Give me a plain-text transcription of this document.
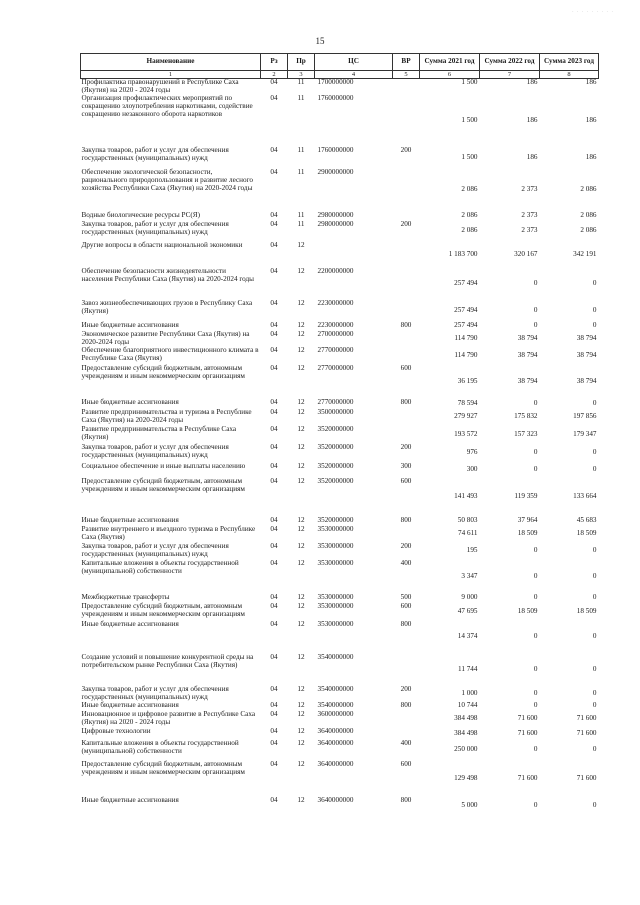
· · · · · · · · ·
15
Наименование	Рз	Пр	ЦС	ВР	Сумма 2021 год	Сумма 2022 год	Сумма 2023 год
1	2	3	4	5	6	7	8
Профилактика правонарушений в Республике Саха (Якутия) на 2020 - 2024 годы	04	11	1700000000		1 500	186	186
Организация профилактических мероприятий по сокращению злоупотребления наркотиками, содействие сокращению незаконного оборота наркотиков	04	11	1760000000		1 500	186	186
Закупка товаров, работ и услуг для обеспечения государственных (муниципальных) нужд	04	11	1760000000	200	1 500	186	186
Обеспечение экологической безопасности, рационального природопользования и развитие лесного хозяйства Республики Саха (Якутия) на 2020-2024 годы	04	11	2900000000		2 086	2 373	2 086
Водные биологические ресурсы РС(Я)	04	11	2980000000		2 086	2 373	2 086
Закупка товаров, работ и услуг для обеспечения государственных (муниципальных) нужд	04	11	2980000000	200	2 086	2 373	2 086
Другие вопросы в области национальной экономики	04	12			1 183 700	320 167	342 191
Обеспечение безопасности жизнедеятельности населения Республики Саха (Якутия) на 2020-2024 годы	04	12	2200000000		257 494	0	0
Завоз жизнеобеспечивающих грузов в Республику Саха (Якутия)	04	12	2230000000		257 494	0	0
Иные бюджетные ассигнования	04	12	2230000000	800	257 494	0	0
Экономическое развитие Республики Саха (Якутия) на 2020-2024 годы	04	12	2700000000		114 790	38 794	38 794
Обеспечение благоприятного инвестиционного климата в Республике Саха (Якутия)	04	12	2770000000		114 790	38 794	38 794
Предоставление субсидий бюджетным, автономным учреждениям и иным некоммерческим организациям	04	12	2770000000	600	36 195	38 794	38 794
Иные бюджетные ассигнования	04	12	2770000000	800	78 594	0	0
Развитие предпринимательства и туризма в Республике Саха (Якутия) на 2020-2024 годы	04	12	3500000000		279 927	175 832	197 856
Развитие предпринимательства в Республике Саха (Якутия)	04	12	3520000000		193 572	157 323	179 347
Закупка товаров, работ и услуг для обеспечения государственных (муниципальных) нужд	04	12	3520000000	200	976	0	0
Социальное обеспечение и иные выплаты населению	04	12	3520000000	300	300	0	0
Предоставление субсидий бюджетным, автономным учреждениям и иным некоммерческим организациям	04	12	3520000000	600	141 493	119 359	133 664
Иные бюджетные ассигнования	04	12	3520000000	800	50 803	37 964	45 683
Развитие внутреннего и въездного туризма в Республике Саха (Якутия)	04	12	3530000000		74 611	18 509	18 509
Закупка товаров, работ и услуг для обеспечения государственных (муниципальных) нужд	04	12	3530000000	200	195	0	0
Капитальные вложения в объекты государственной (муниципальной) собственности	04	12	3530000000	400	3 347	0	0
Межбюджетные трансферты	04	12	3530000000	500	9 000	0	0
Предоставление субсидий бюджетным, автономным учреждениям и иным некоммерческим организациям	04	12	3530000000	600	47 695	18 509	18 509
Иные бюджетные ассигнования	04	12	3530000000	800	14 374	0	0
Создание условий и повышение конкурентной среды на потребительском рынке Республики Саха (Якутия)	04	12	3540000000		11 744	0	0
Закупка товаров, работ и услуг для обеспечения государственных (муниципальных) нужд	04	12	3540000000	200	1 000	0	0
Иные бюджетные ассигнования	04	12	3540000000	800	10 744	0	0
Инновационное и цифровое развитие в Республике Саха (Якутия) на 2020 - 2024 годы	04	12	3600000000		384 498	71 600	71 600
Цифровые технологии	04	12	3640000000		384 498	71 600	71 600
Капитальные вложения в объекты государственной (муниципальной) собственности	04	12	3640000000	400	250 000	0	0
Предоставление субсидий бюджетным, автономным учреждениям и иным некоммерческим организациям	04	12	3640000000	600	129 498	71 600	71 600
Иные бюджетные ассигнования	04	12	3640000000	800	5 000	0	0
